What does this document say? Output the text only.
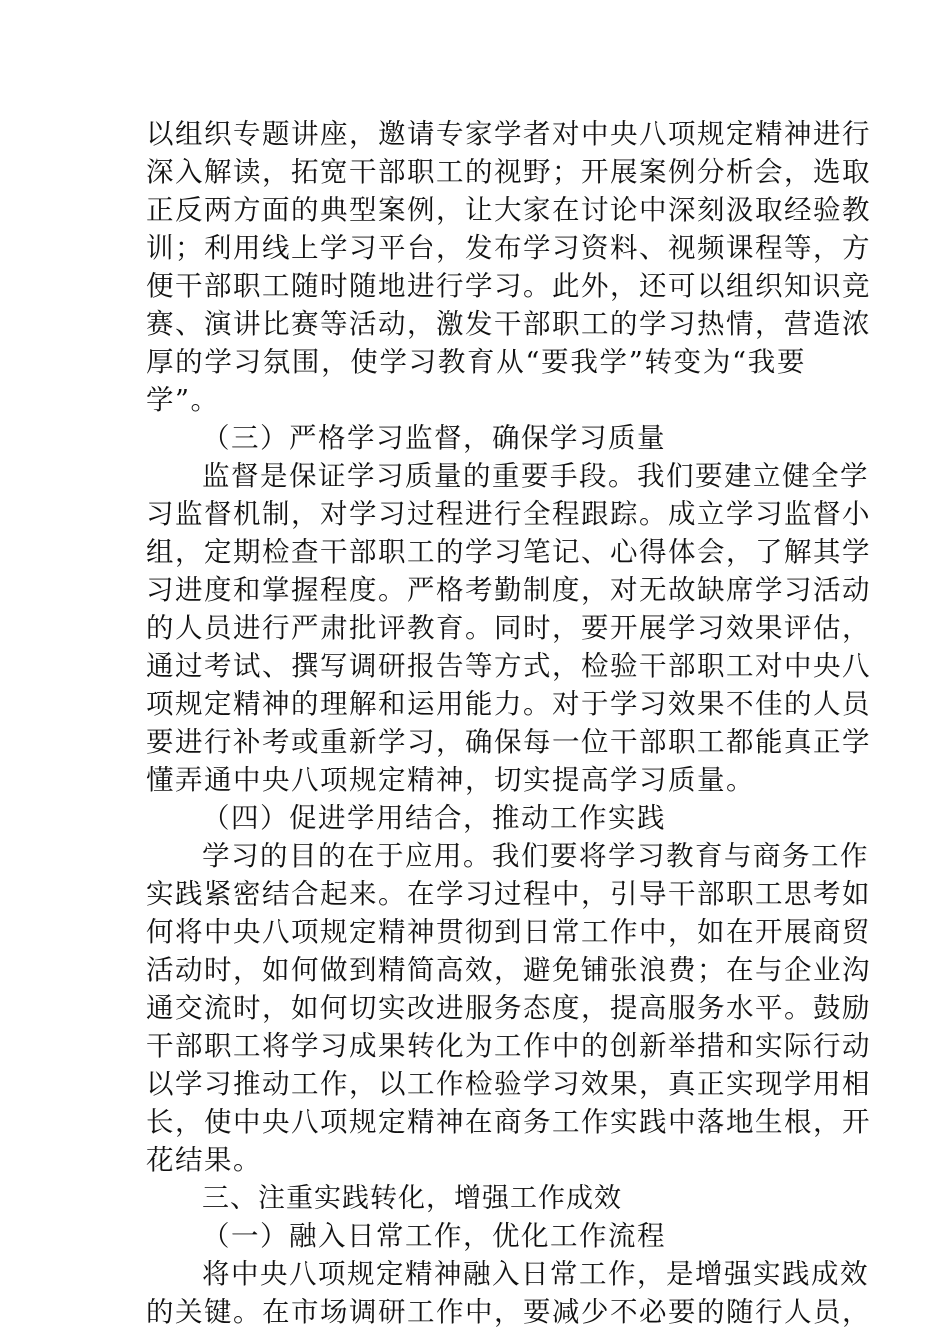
以组织专题讲座，邀请专家学者对中央八项规定精神进行
深入解读，拓宽干部职工的视野；开展案例分析会，选取
正反两方面的典型案例，让大家在讨论中深刻汲取经验教
训；利用线上学习平台，发布学习资料、视频课程等，方
便干部职工随时随地进行学习。此外，还可以组织知识竞
赛、演讲比赛等活动，激发干部职工的学习热情，营造浓
厚的学习氛围，使学习教育从“要我学”转变为“我要
学”。
（三）严格学习监督，确保学习质量
监督是保证学习质量的重要手段。我们要建立健全学
习监督机制，对学习过程进行全程跟踪。成立学习监督小
组，定期检查干部职工的学习笔记、心得体会，了解其学
习进度和掌握程度。严格考勤制度，对无故缺席学习活动
的人员进行严肃批评教育。同时，要开展学习效果评估，
通过考试、撰写调研报告等方式，检验干部职工对中央八
项规定精神的理解和运用能力。对于学习效果不佳的人员
要进行补考或重新学习，确保每一位干部职工都能真正学
懂弄通中央八项规定精神，切实提高学习质量。
（四）促进学用结合，推动工作实践
学习的目的在于应用。我们要将学习教育与商务工作
实践紧密结合起来。在学习过程中，引导干部职工思考如
何将中央八项规定精神贯彻到日常工作中，如在开展商贸
活动时，如何做到精简高效，避免铺张浪费；在与企业沟
通交流时，如何切实改进服务态度，提高服务水平。鼓励
干部职工将学习成果转化为工作中的创新举措和实际行动
以学习推动工作，以工作检验学习效果，真正实现学用相
长，使中央八项规定精神在商务工作实践中落地生根，开
花结果。
三、注重实践转化，增强工作成效
（一）融入日常工作，优化工作流程
将中央八项规定精神融入日常工作，是增强实践成效
的关键。在市场调研工作中，要减少不必要的随行人员，
